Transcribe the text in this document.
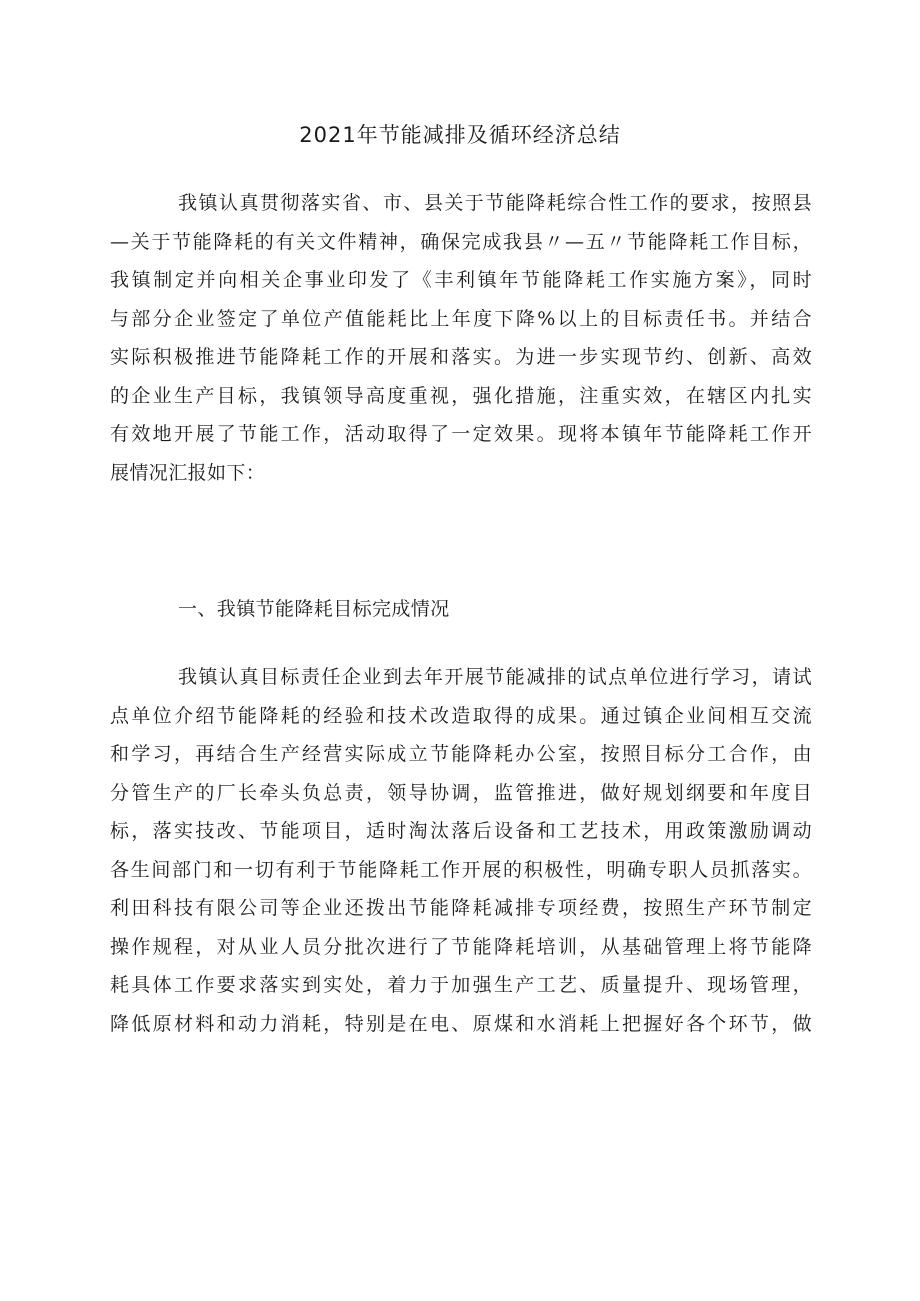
2021年节能减排及循环经济总结
我镇认真贯彻落实省、市、县关于节能降耗综合性工作的要求，按照县
—关于节能降耗的有关文件精神，确保完成我县〃—五〃节能降耗工作目标，
我镇制定并向相关企事业印发了《丰利镇年节能降耗工作实施方案》，同时
与部分企业签定了单位产值能耗比上年度下降%以上的目标责任书。并结合
实际积极推进节能降耗工作的开展和落实。为进一步实现节约、创新、高效
的企业生产目标，我镇领导高度重视，强化措施，注重实效，在辖区内扎实
有效地开展了节能工作，活动取得了一定效果。现将本镇年节能降耗工作开
展情况汇报如下：
一、我镇节能降耗目标完成情况
我镇认真目标责任企业到去年开展节能减排的试点单位进行学习，请试
点单位介绍节能降耗的经验和技术改造取得的成果。通过镇企业间相互交流
和学习，再结合生产经营实际成立节能降耗办公室，按照目标分工合作，由
分管生产的厂长牵头负总责，领导协调，监管推进，做好规划纲要和年度目
标，落实技改、节能项目，适时淘汰落后设备和工艺技术，用政策激励调动
各生间部门和一切有利于节能降耗工作开展的积极性，明确专职人员抓落实。
利田科技有限公司等企业还拨出节能降耗减排专项经费，按照生产环节制定
操作规程，对从业人员分批次进行了节能降耗培训，从基础管理上将节能降
耗具体工作要求落实到实处，着力于加强生产工艺、质量提升、现场管理，
降低原材料和动力消耗，特别是在电、原煤和水消耗上把握好各个环节，做
